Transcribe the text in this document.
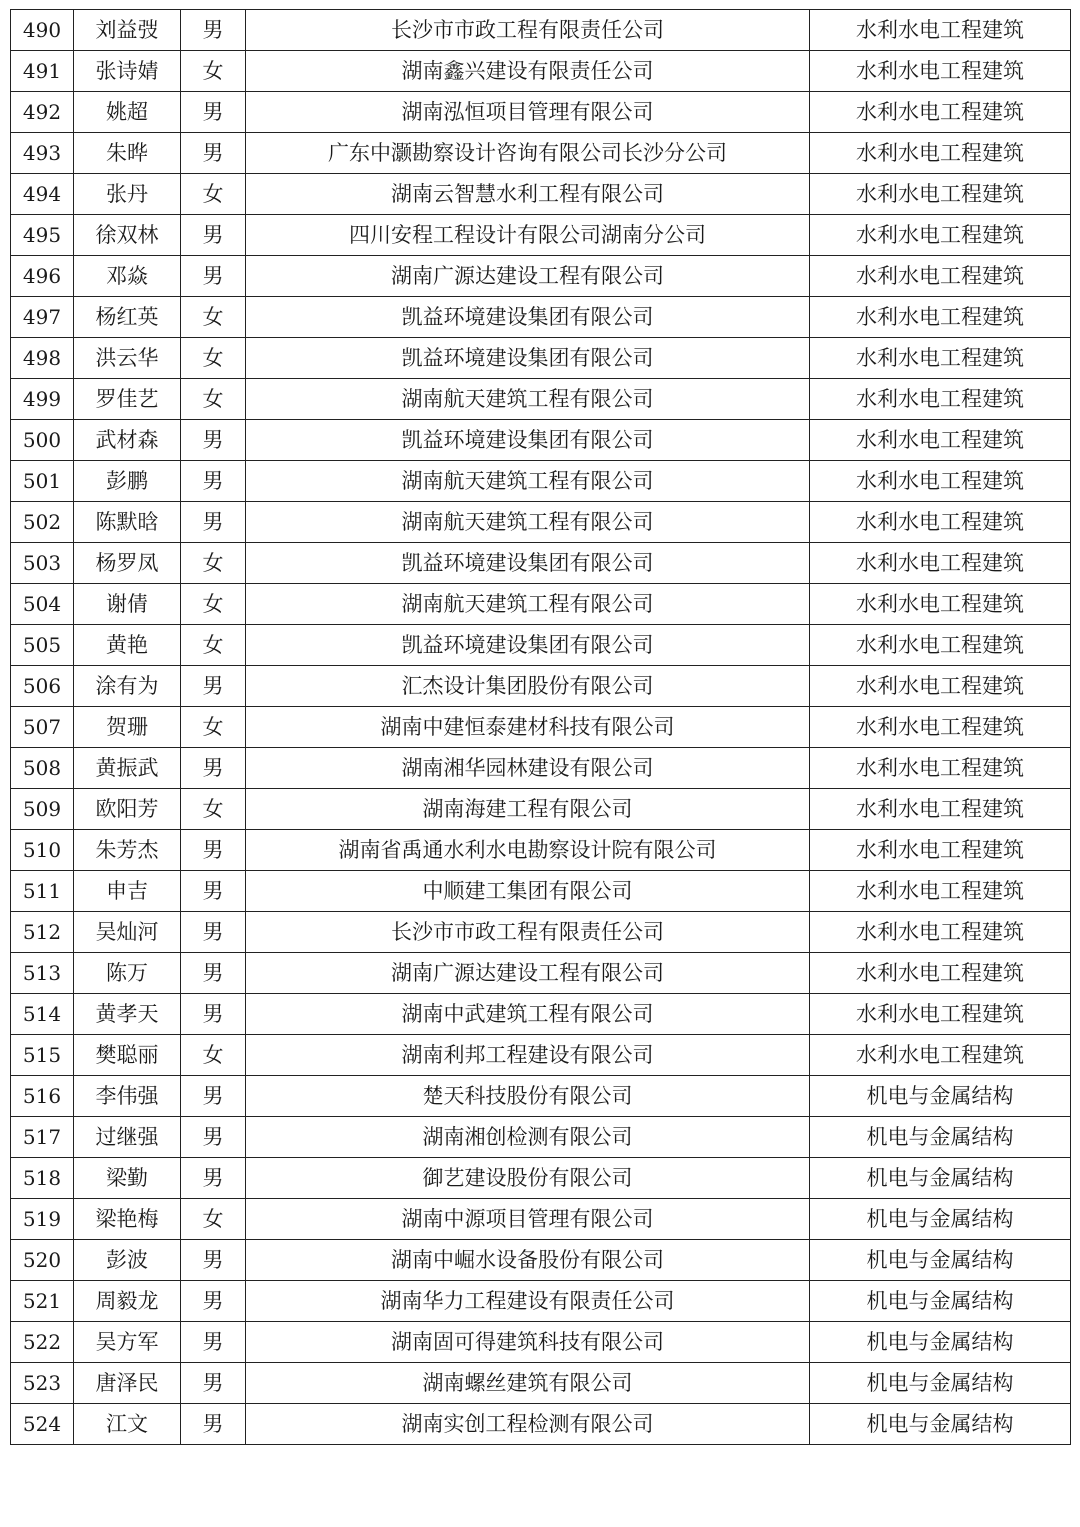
490	刘益弢	男	长沙市市政工程有限责任公司	水利水电工程建筑
491	张诗婧	女	湖南鑫兴建设有限责任公司	水利水电工程建筑
492	姚超	男	湖南泓恒项目管理有限公司	水利水电工程建筑
493	朱晔	男	广东中灏勘察设计咨询有限公司长沙分公司	水利水电工程建筑
494	张丹	女	湖南云智慧水利工程有限公司	水利水电工程建筑
495	徐双林	男	四川安程工程设计有限公司湖南分公司	水利水电工程建筑
496	邓焱	男	湖南广源达建设工程有限公司	水利水电工程建筑
497	杨红英	女	凯益环境建设集团有限公司	水利水电工程建筑
498	洪云华	女	凯益环境建设集团有限公司	水利水电工程建筑
499	罗佳艺	女	湖南航天建筑工程有限公司	水利水电工程建筑
500	武材森	男	凯益环境建设集团有限公司	水利水电工程建筑
501	彭鹏	男	湖南航天建筑工程有限公司	水利水电工程建筑
502	陈默晗	男	湖南航天建筑工程有限公司	水利水电工程建筑
503	杨罗凤	女	凯益环境建设集团有限公司	水利水电工程建筑
504	谢倩	女	湖南航天建筑工程有限公司	水利水电工程建筑
505	黄艳	女	凯益环境建设集团有限公司	水利水电工程建筑
506	涂有为	男	汇杰设计集团股份有限公司	水利水电工程建筑
507	贺珊	女	湖南中建恒泰建材科技有限公司	水利水电工程建筑
508	黄振武	男	湖南湘华园林建设有限公司	水利水电工程建筑
509	欧阳芳	女	湖南海建工程有限公司	水利水电工程建筑
510	朱芳杰	男	湖南省禹通水利水电勘察设计院有限公司	水利水电工程建筑
511	申吉	男	中顺建工集团有限公司	水利水电工程建筑
512	吴灿河	男	长沙市市政工程有限责任公司	水利水电工程建筑
513	陈万	男	湖南广源达建设工程有限公司	水利水电工程建筑
514	黄孝天	男	湖南中武建筑工程有限公司	水利水电工程建筑
515	樊聪丽	女	湖南利邦工程建设有限公司	水利水电工程建筑
516	李伟强	男	楚天科技股份有限公司	机电与金属结构
517	过继强	男	湖南湘创检测有限公司	机电与金属结构
518	梁勤	男	御艺建设股份有限公司	机电与金属结构
519	梁艳梅	女	湖南中源项目管理有限公司	机电与金属结构
520	彭波	男	湖南中崛水设备股份有限公司	机电与金属结构
521	周毅龙	男	湖南华力工程建设有限责任公司	机电与金属结构
522	吴方军	男	湖南固可得建筑科技有限公司	机电与金属结构
523	唐泽民	男	湖南螺丝建筑有限公司	机电与金属结构
524	江文	男	湖南实创工程检测有限公司	机电与金属结构
